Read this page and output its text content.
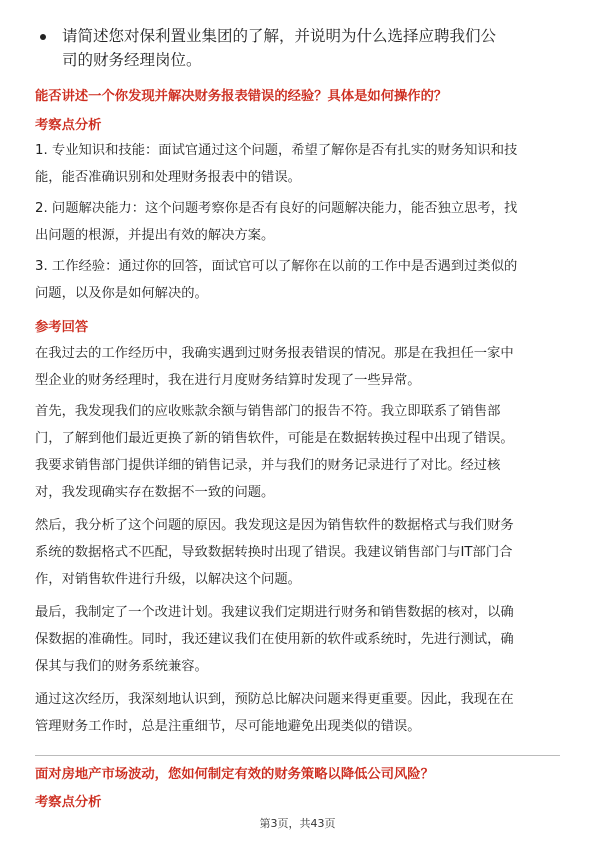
请简述您对保利置业集团的了解，并说明为什么选择应聘我们公
司的财务经理岗位。
能否讲述一个你发现并解决财务报表错误的经验？具体是如何操作的？
考察点分析
1. 专业知识和技能：面试官通过这个问题，希望了解你是否有扎实的财务知识和技
能，能否准确识别和处理财务报表中的错误。
2. 问题解决能力：这个问题考察你是否有良好的问题解决能力，能否独立思考，找
出问题的根源，并提出有效的解决方案。
3. 工作经验：通过你的回答，面试官可以了解你在以前的工作中是否遇到过类似的
问题，以及你是如何解决的。
参考回答
在我过去的工作经历中，我确实遇到过财务报表错误的情况。那是在我担任一家中
型企业的财务经理时，我在进行月度财务结算时发现了一些异常。
首先，我发现我们的应收账款余额与销售部门的报告不符。我立即联系了销售部
门，了解到他们最近更换了新的销售软件，可能是在数据转换过程中出现了错误。
我要求销售部门提供详细的销售记录，并与我们的财务记录进行了对比。经过核
对，我发现确实存在数据不一致的问题。
然后，我分析了这个问题的原因。我发现这是因为销售软件的数据格式与我们财务
系统的数据格式不匹配，导致数据转换时出现了错误。我建议销售部门与IT部门合
作，对销售软件进行升级，以解决这个问题。
最后，我制定了一个改进计划。我建议我们定期进行财务和销售数据的核对，以确
保数据的准确性。同时，我还建议我们在使用新的软件或系统时，先进行测试，确
保其与我们的财务系统兼容。
通过这次经历，我深刻地认识到，预防总比解决问题来得更重要。因此，我现在在
管理财务工作时，总是注重细节，尽可能地避免出现类似的错误。
面对房地产市场波动，您如何制定有效的财务策略以降低公司风险？
考察点分析
第3页，共43页
